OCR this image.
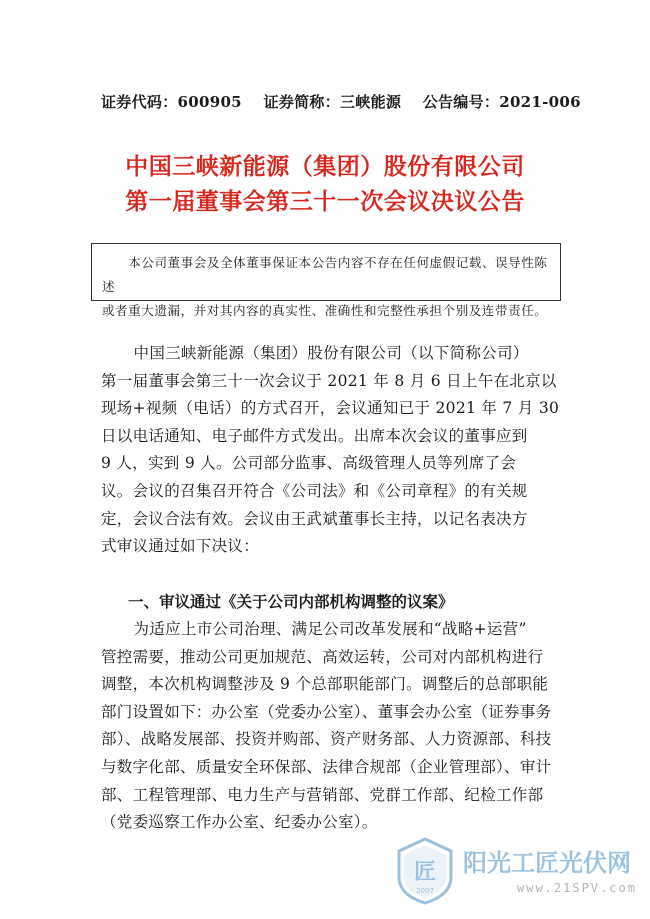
证券代码：600905 证券简称：三峡能源 公告编号：2021-006
中国三峡新能源（集团）股份有限公司
第一届董事会第三十一次会议决议公告
本公司董事会及全体董事保证本公告内容不存在任何虚假记载、误导性陈述
或者重大遗漏，并对其内容的真实性、准确性和完整性承担个别及连带责任。
中国三峡新能源（集团）股份有限公司（以下简称公司）
第一届董事会第三十一次会议于 2021 年 8 月 6 日上午在北京以
现场+视频（电话）的方式召开，会议通知已于 2021 年 7 月 30
日以电话通知、电子邮件方式发出。出席本次会议的董事应到
9 人，实到 9 人。公司部分监事、高级管理人员等列席了会
议。会议的召集召开符合《公司法》和《公司章程》的有关规
定，会议合法有效。会议由王武斌董事长主持，以记名表决方
式审议通过如下决议：
一、审议通过《关于公司内部机构调整的议案》
为适应上市公司治理、满足公司改革发展和“战略+运营”
管控需要，推动公司更加规范、高效运转，公司对内部机构进行
调整，本次机构调整涉及 9 个总部职能部门。调整后的总部职能
部门设置如下：办公室（党委办公室）、董事会办公室（证券事务
部）、战略发展部、投资并购部、资产财务部、人力资源部、科技
与数字化部、质量安全环保部、法律合规部（企业管理部）、审计
部、工程管理部、电力生产与营销部、党群工作部、纪检工作部
（党委巡察工作办公室、纪委办公室）。
匠
2007
阳光工匠光伏网
www.21SPV.com
